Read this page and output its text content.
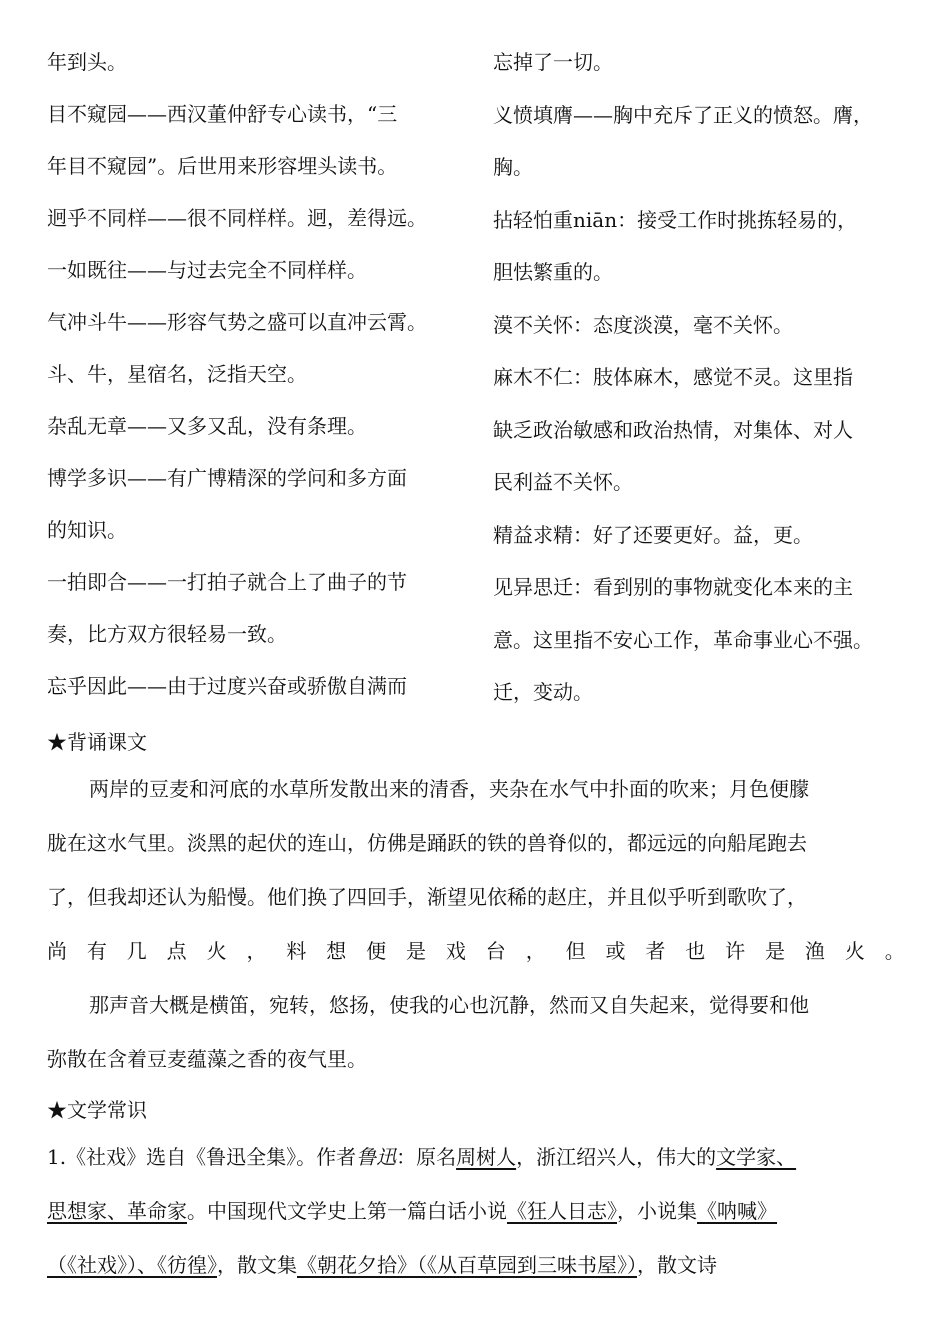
年到头。
目不窥园——西汉董仲舒专心读书，“三
年目不窥园”。后世用来形容埋头读书。
迥乎不同样——很不同样样。迥，差得远。
一如既往——与过去完全不同样样。
气冲斗牛——形容气势之盛可以直冲云霄。
斗、牛，星宿名，泛指天空。
杂乱无章——又多又乱，没有条理。
博学多识——有广博精深的学问和多方面
的知识。
一拍即合——一打拍子就合上了曲子的节
奏，比方双方很轻易一致。
忘乎因此——由于过度兴奋或骄傲自满而
忘掉了一切。
义愤填膺——胸中充斥了正义的愤怒。膺，
胸。
拈轻怕重niān：接受工作时挑拣轻易的，
胆怯繁重的。
漠不关怀：态度淡漠，毫不关怀。
麻木不仁：肢体麻木，感觉不灵。这里指
缺乏政治敏感和政治热情，对集体、对人
民利益不关怀。
精益求精：好了还要更好。益，更。
见异思迁：看到别的事物就变化本来的主
意。这里指不安心工作，革命事业心不强。
迁，变动。
★背诵课文
两岸的豆麦和河底的水草所发散出来的清香，夹杂在水气中扑面的吹来；月色便朦
胧在这水气里。淡黑的起伏的连山，仿佛是踊跃的铁的兽脊似的，都远远的向船尾跑去
了，但我却还认为船慢。他们换了四回手，渐望见依稀的赵庄，并且似乎听到歌吹了，
尚 有 几 点 火 ， 料 想 便 是 戏 台 ， 但 或 者 也 许 是 渔 火 。
那声音大概是横笛，宛转，悠扬，使我的心也沉静，然而又自失起来，觉得要和他
弥散在含着豆麦蕴藻之香的夜气里。
★文学常识
1.《社戏》选自《鲁迅全集》。作者鲁迅：原名周树人，浙江绍兴人，伟大的文学家、
思想家、革命家。中国现代文学史上第一篇白话小说《狂人日志》，小说集《呐喊》
（《社戏》）、《彷徨》，散文集《朝花夕拾》（《从百草园到三味书屋》），散文诗
